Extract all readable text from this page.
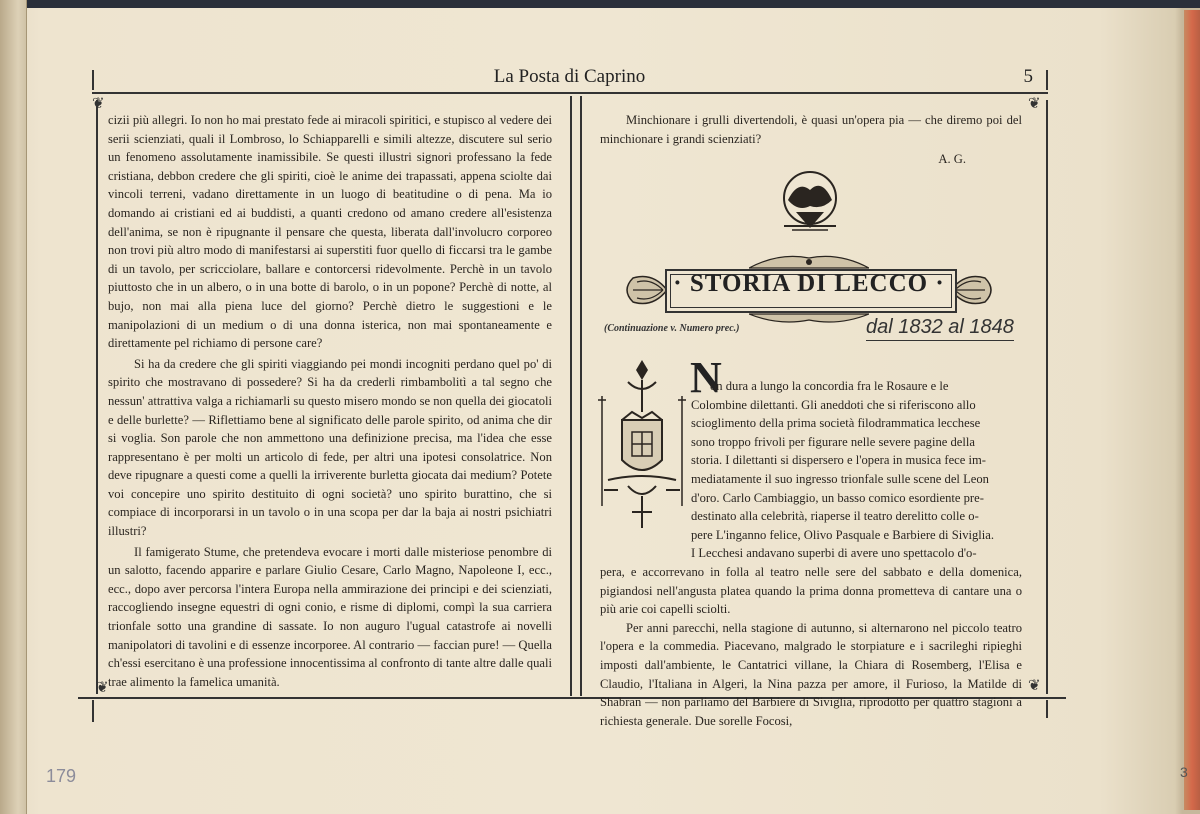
La Posta di Caprino	5
❦	❦
❦	❦

cizii più allegri. Io non ho mai prestato fede ai miracoli spiritici, e stupisco al vedere dei serii scienziati, quali il Lombroso, lo Schiapparelli e simili altezze, discutere sul serio un fenomeno assolutamente inamissibile. Se questi illustri signori professano la fede cristiana, debbon credere che gli spiriti, cioè le anime dei trapassati, appena sciolte dai vincoli terreni, vadano direttamente in un luogo di beatitudine o di pena. Ma io domando ai cristiani ed ai buddisti, a quanti credono od amano credere all'esistenza dell'anima, se non è ripugnante il pensare che questa, liberata dall'involucro corporeo non trovi più altro modo di manifestarsi ai superstiti fuor quello di ficcarsi tra le gambe di un tavolo, per scricciolare, ballare e contorcersi ridevolmente. Perchè in un tavolo piuttosto che in un albero, o in una botte di barolo, o in un popone? Perchè di notte, al bujo, non mai alla piena luce del giorno? Perchè dietro le suggestioni e le manipolazioni di un medium o di una donna isterica, non mai spontaneamente e direttamente pel richiamo di persone care?

Si ha da credere che gli spiriti viaggiando pei mondi incogniti perdano quel po' di spirito che mostravano di possedere? Si ha da crederli rimbambolitì a tal segno che nessun' attrattiva valga a richiamarli su questo misero mondo se non quella dei giocatoli e delle burlette? — Riflettiamo bene al significato delle parole spirito, od anima che dir si voglia. Son parole che non ammettono una definizione precisa, ma l'idea che esse rappresentano è per molti un articolo di fede, per altri una ipotesi consolatrice. Non deve ripugnare a questi come a quelli la irriverente burletta giocata dai medium? Potete voi concepire uno spirito destituito di ogni società? uno spirito burattino, che si compiace di incorporarsi in un tavolo o in una scopa per dar la baja ai nostri psichiatri illustri?

Il famigerato Stume, che pretendeva evocare i morti dalle misteriose penombre di un salotto, facendo apparire e parlare Giulio Cesare, Carlo Magno, Napoleone I, ecc., ecc., dopo aver percorsa l'intera Europa nella ammirazione dei principi e dei scienziati, raccogliendo insegne equestri di ogni conio, e risme di diplomi, compì la sua carriera trionfale sotto una grandine di sassate. Io non auguro l'ugual catastrofe ai novelli manipolatori di tavolini e di essenze incorporee. Al contrario — faccian pure! — Quella ch'essi esercitano è una professione innocentissima al confronto di tante altre dalle quali trae alimento la famelica umanità.

Minchionare i grulli divertendoli, è quasi un'opera pia — che diremo poi del minchionare i grandi scienziati?

A. G.

· STORIA DI LECCO ·
(Continuazione v. Numero prec.)	dal 1832 al 1848
N
on dura a lungo la concordia fra le Rosaure e le
Colombine dilettanti. Gli aneddoti che si riferiscono allo
scioglimento della prima società filodrammatica lecchese
sono troppo frivoli per figurare nelle severe pagine della
storia. I dilettanti si dispersero e l'opera in musica fece im-
mediatamente il suo ingresso trionfale sulle scene del Leon
d'oro. Carlo Cambiaggio, un basso comico esordiente pre-
destinato alla celebrità, riaperse il teatro derelitto colle o-
pere L'inganno felice, Olivo Pasquale e Barbiere di Siviglia.
I Lecchesi andavano superbi di avere uno spettacolo d'o-

pera, e accorrevano in folla al teatro nelle sere del sabbato e della domenica, pigiandosi nell'angusta platea quando la prima donna prometteva di cantare una o più arie coi capelli sciolti.

Per anni parecchi, nella stagione di autunno, si alternarono nel piccolo teatro l'opera e la commedia. Piacevano, malgrado le storpiature e i sacrileghi ripieghi imposti dall'ambiente, le Cantatrici villane, la Chiara di Rosemberg, l'Elisa e Claudio, l'Italiana in Algeri, la Nina pazza per amore, il Furioso, la Matilde di Shabran — non parliamo del Barbiere di Siviglia, riprodotto per quattro stagioni a richiesta generale. Due sorelle Focosi,

179	3
